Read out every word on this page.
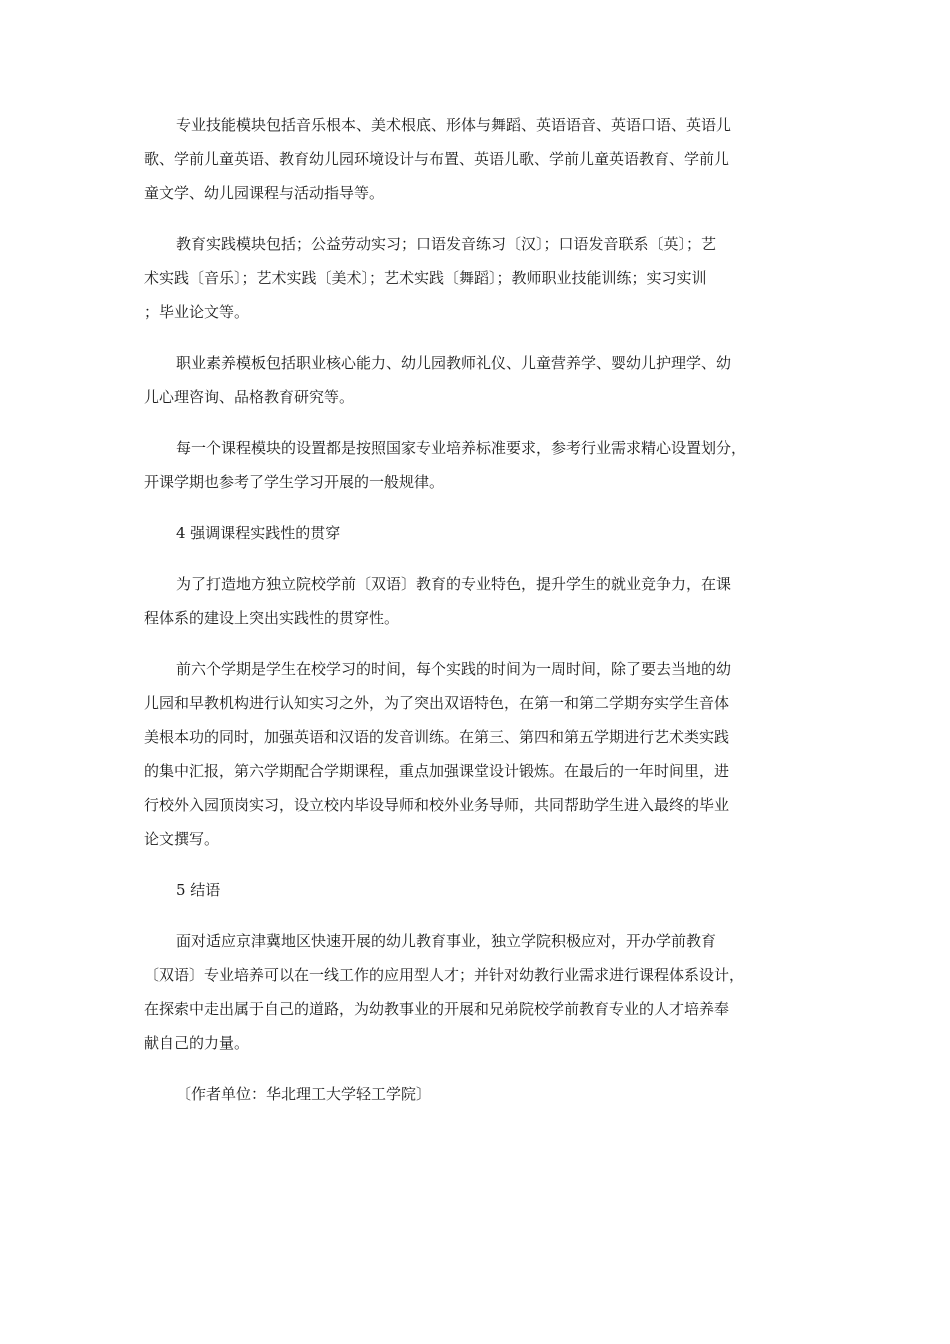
专业技能模块包括音乐根本、美术根底、形体与舞蹈、英语语音、英语口语、英语儿
歌、学前儿童英语、教育幼儿园环境设计与布置、英语儿歌、学前儿童英语教育、学前儿
童文学、幼儿园课程与活动指导等。

教育实践模块包括；公益劳动实习；口语发音练习〔汉〕；口语发音联系〔英〕；艺
术实践〔音乐〕；艺术实践〔美术〕；艺术实践〔舞蹈〕；教师职业技能训练；实习实训
；毕业论文等。

职业素养模板包括职业核心能力、幼儿园教师礼仪、儿童营养学、婴幼儿护理学、幼
儿心理咨询、品格教育研究等。

每一个课程模块的设置都是按照国家专业培养标准要求，参考行业需求精心设置划分，
开课学期也参考了学生学习开展的一般规律。

4 强调课程实践性的贯穿

为了打造地方独立院校学前〔双语〕教育的专业特色，提升学生的就业竞争力，在课
程体系的建设上突出实践性的贯穿性。

前六个学期是学生在校学习的时间，每个实践的时间为一周时间，除了要去当地的幼
儿园和早教机构进行认知实习之外，为了突出双语特色，在第一和第二学期夯实学生音体
美根本功的同时，加强英语和汉语的发音训练。在第三、第四和第五学期进行艺术类实践
的集中汇报，第六学期配合学期课程，重点加强课堂设计锻炼。在最后的一年时间里，进
行校外入园顶岗实习，设立校内毕设导师和校外业务导师，共同帮助学生进入最终的毕业
论文撰写。

5 结语

面对适应京津冀地区快速开展的幼儿教育事业，独立学院积极应对，开办学前教育
〔双语〕专业培养可以在一线工作的应用型人才；并针对幼教行业需求进行课程体系设计，
在探索中走出属于自己的道路，为幼教事业的开展和兄弟院校学前教育专业的人才培养奉
献自己的力量。

〔作者单位：华北理工大学轻工学院〕
